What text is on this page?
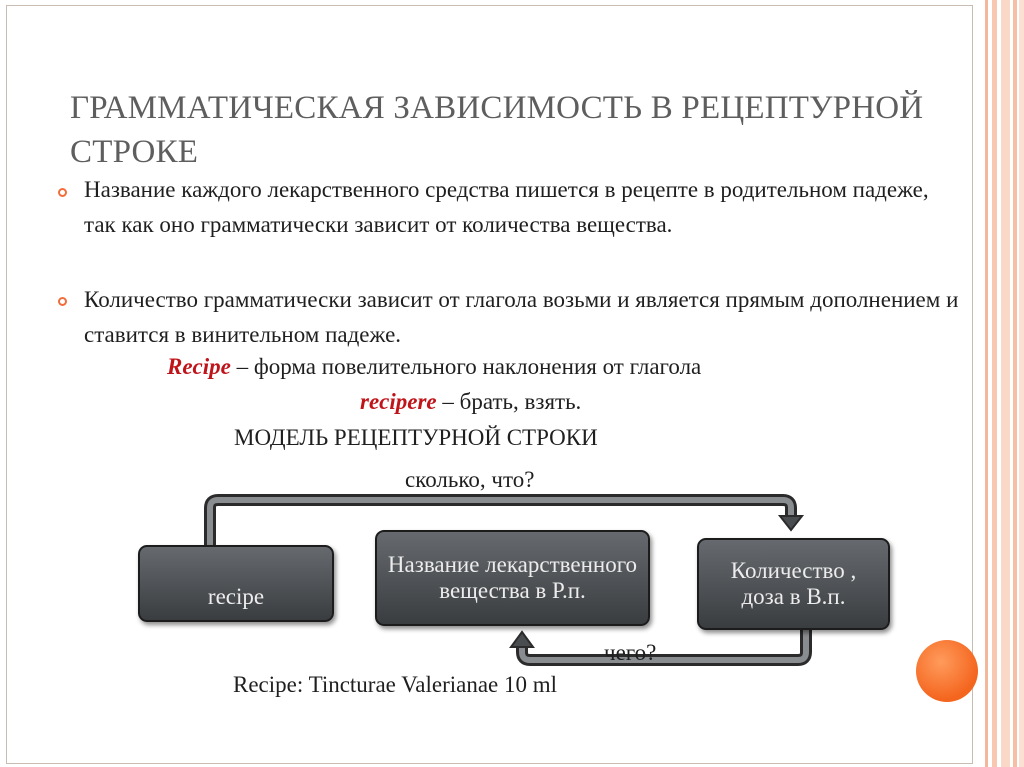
ГРАММАТИЧЕСКАЯ ЗАВИСИМОСТЬ В РЕЦЕПТУРНОЙ СТРОКЕ
Название каждого лекарственного средства пишется в рецепте в родительном падеже, так как оно грамматически зависит от количества вещества.
Количество грамматически зависит от глагола возьми и является прямым дополнением и ставится в винительном падеже.
Recipe – форма повелительного наклонения от глагола
recipere – брать, взять.
МОДЕЛЬ РЕЦЕПТУРНОЙ СТРОКИ
сколько, что?
recipe
Название лекарственного вещества в Р.п.
Количество , доза в В.п.
чего?
Recipe: Tincturae Valerianae 10 ml
